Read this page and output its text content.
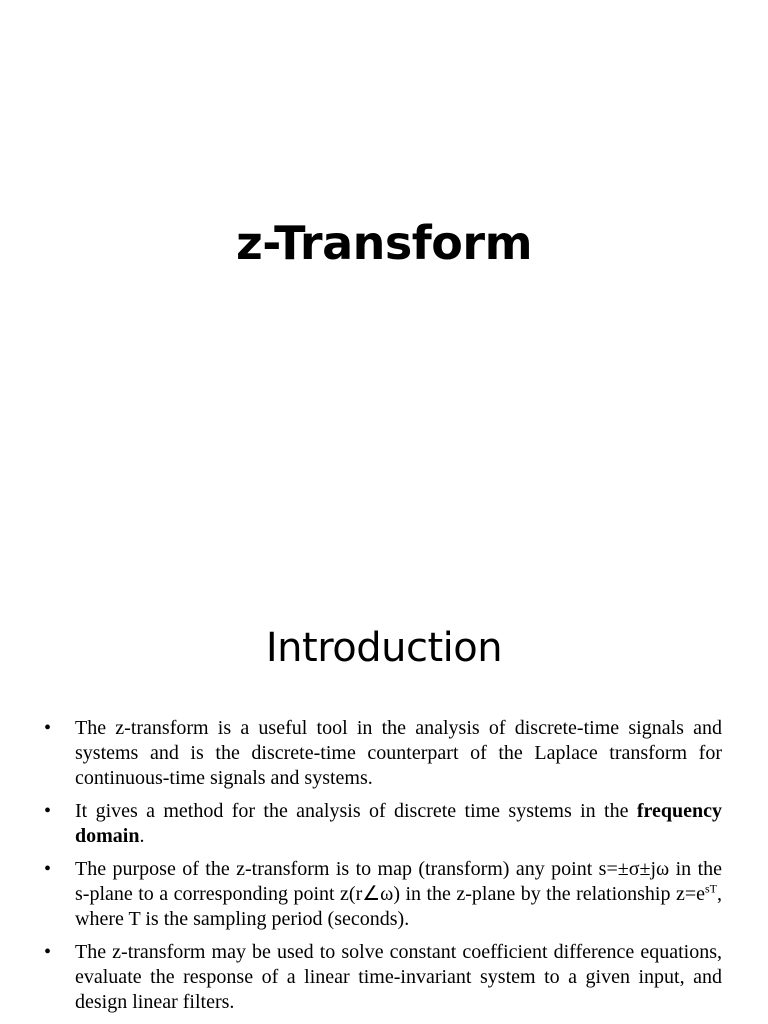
z-Transform
Introduction
• The z-transform is a useful tool in the analysis of discrete-time signals and systems and is the discrete-time counterpart of the Laplace transform for continuous-time signals and systems.
• It gives a method for the analysis of discrete time systems in the frequency domain.
• The purpose of the z-transform is to map (transform) any point s=±σ±jω in the s-plane to a corresponding point z(r∠ω) in the z-plane by the relationship $z=e^{sT}$, where T is the sampling period (seconds).
• The z-transform may be used to solve constant coefficient difference equations, evaluate the response of a linear time-invariant system to a given input, and design linear filters.
